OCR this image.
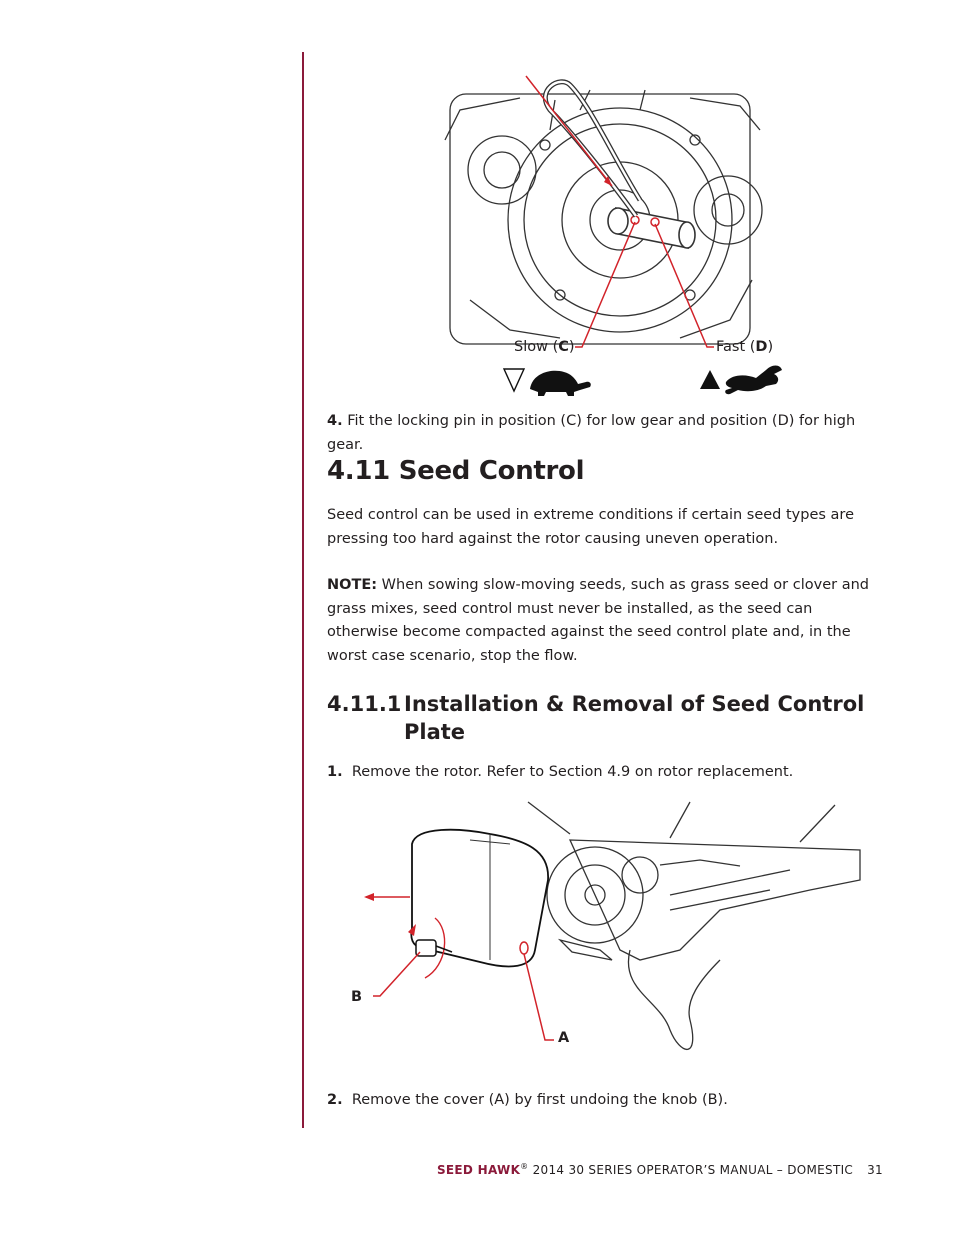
Slow (C)	Fast (D)
4. Fit the locking pin in position (C) for low gear and position (D) for high gear.
4.11 Seed Control
Seed control can be used in extreme conditions if certain seed types are pressing too hard against the rotor causing uneven operation.
NOTE: When sowing slow-moving seeds, such as grass seed or clover and grass mixes, seed control must never be installed, as the seed can otherwise become compacted against the seed control plate and, in the worst case scenario, stop the flow.
4.11.1 Installation & Removal of Seed Control
Plate
1. Remove the rotor. Refer to Section 4.9 on rotor replacement.
B
A
2. Remove the cover (A) by first undoing the knob (B).
SEED HAWK® 2014 30 SERIES OPERATOR’S MANUAL – DOMESTIC 31
